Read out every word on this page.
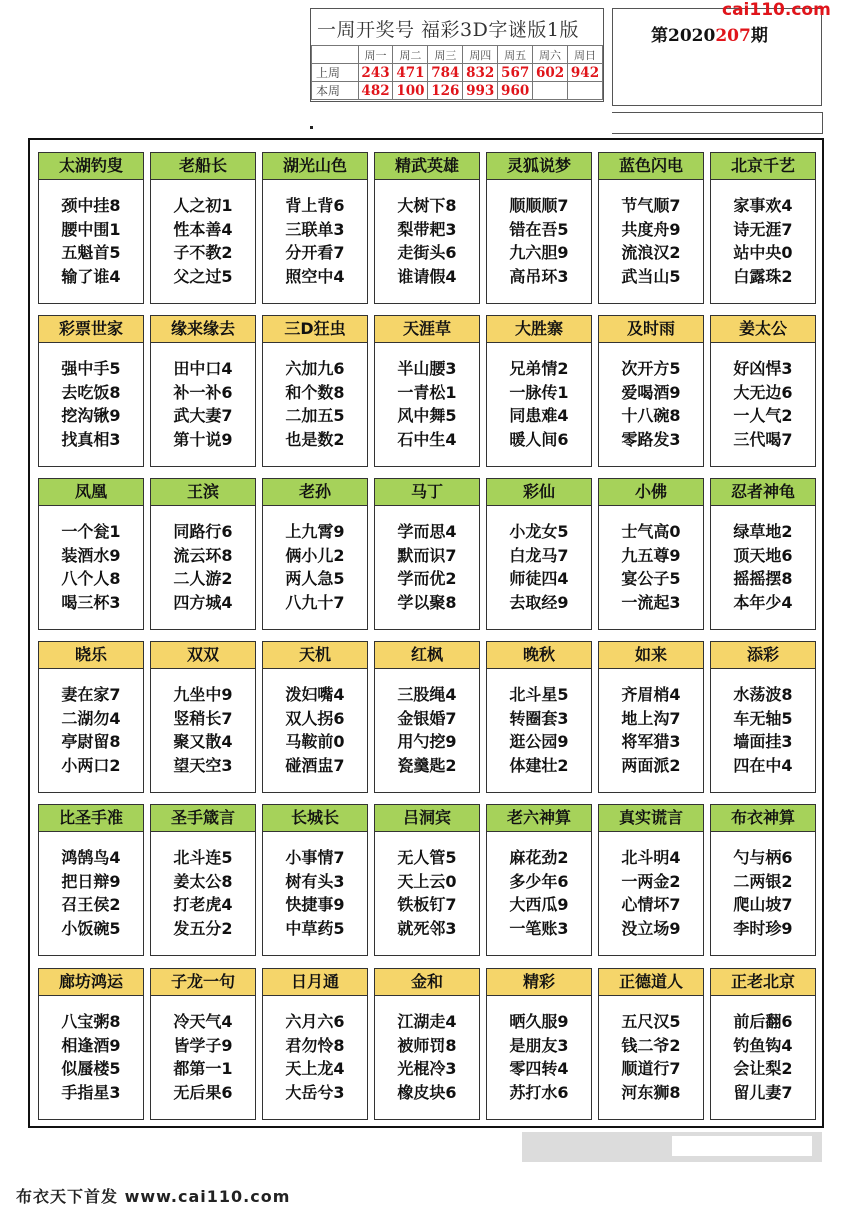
一周开奖号 福彩3D字谜版1版
	周一	周二	周三	周四	周五	周六	周日
上周	243	471	784	832	567	602	942
本周	482	100	126	993	960		
第2020207期
cai110.com
太湖钓叟
颈中挂8
腰中围1
五魁首5
输了谁4
老船长
人之初1
性本善4
子不教2
父之过5
湖光山色
背上背6
三联单3
分开看7
照空中4
精武英雄
大树下8
梨带耙3
走街头6
谁请假4
灵狐说梦
顺顺顺7
错在吾5
九六胆9
高吊环3
蓝色闪电
节气顺7
共度舟9
流浪汉2
武当山5
北京千艺
家事欢4
诗无涯7
站中央0
白露珠2
彩票世家
强中手5
去吃饭8
挖沟锹9
找真相3
缘来缘去
田中口4
补一补6
武大妻7
第十说9
三D狂虫
六加九6
和个数8
二加五5
也是数2
天涯草
半山腰3
一青松1
风中舞5
石中生4
大胜寨
兄弟情2
一脉传1
同患难4
暖人间6
及时雨
次开方5
爱喝酒9
十八碗8
零路发3
姜太公
好凶悍3
大无边6
一人气2
三代喝7
凤凰
一个瓮1
装酒水9
八个人8
喝三杯3
王滨
同路行6
流云环8
二人游2
四方城4
老孙
上九霄9
俩小儿2
两人急5
八九十7
马丁
学而思4
默而识7
学而优2
学以聚8
彩仙
小龙女5
白龙马7
师徒四4
去取经9
小佛
士气高0
九五尊9
宴公子5
一流起3
忍者神龟
绿草地2
顶天地6
摇摇摆8
本年少4
晓乐
妻在家7
二湖勿4
亭尉留8
小两口2
双双
九坐中9
竖稍长7
聚又散4
望天空3
天机
泼妇嘴4
双人拐6
马鞍前0
碰酒盅7
红枫
三股绳4
金银婚7
用勺挖9
瓷羹匙2
晚秋
北斗星5
转圈套3
逛公园9
体建壮2
如来
齐眉梢4
地上沟7
将军猎3
两面派2
添彩
水荡波8
车无轴5
墙面挂3
四在中4
比圣手准
鸿鹄鸟4
把日辩9
召王侯2
小饭碗5
圣手箴言
北斗连5
姜太公8
打老虎4
发五分2
长城长
小事情7
树有头3
快捷事9
中草药5
吕洞宾
无人管5
天上云0
铁板钉7
就死邻3
老六神算
麻花劲2
多少年6
大西瓜9
一笔账3
真实谎言
北斗明4
一两金2
心情坏7
没立场9
布衣神算
勺与柄6
二两银2
爬山坡7
李时珍9
廊坊鸿运
八宝粥8
相逢酒9
似蜃楼5
手指星3
子龙一句
冷天气4
皆学子9
都第一1
无后果6
日月通
六月六6
君勿怜8
天上龙4
大岳兮3
金和
江湖走4
被师罚8
光棍冷3
橡皮块6
精彩
晒久服9
是朋友3
零四转4
苏打水6
正德道人
五尺汉5
钱二爷2
顺道行7
河东狮8
正老北京
前后翻6
钓鱼钩4
会让梨2
留儿妻7
布衣天下首发 www.cai110.com
